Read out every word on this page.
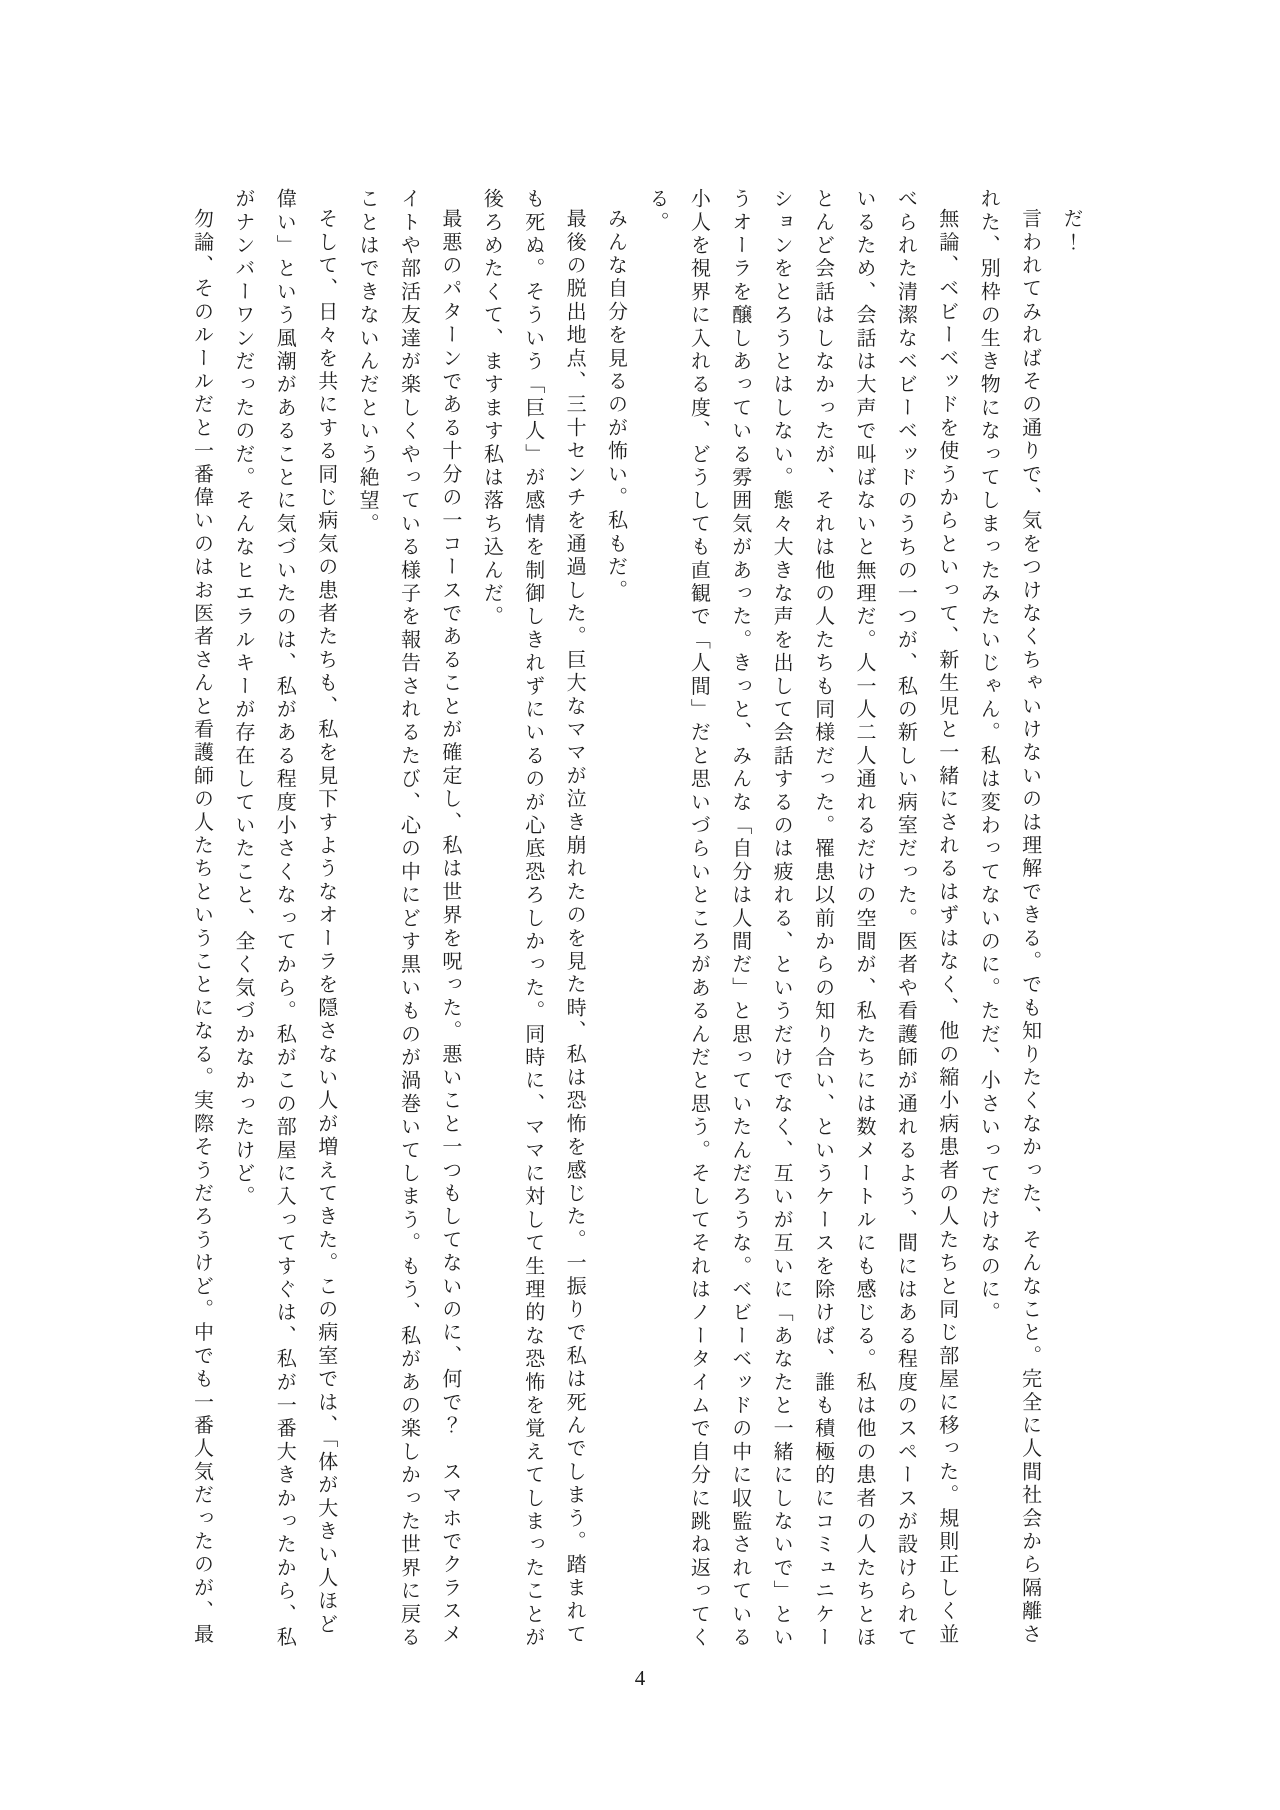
だ！

言われてみればその通りで、気をつけなくちゃいけないのは理解できる。でも知りたくなかった、そんなこと。完全に人間社会から隔離された、別枠の生き物になってしまったみたいじゃん。私は変わってないのに。ただ、小さいってだけなのに。

無論、ベビーベッドを使うからといって、新生児と一緒にされるはずはなく、他の縮小病患者の人たちと同じ部屋に移った。規則正しく並べられた清潔なベビーベッドのうちの一つが、私の新しい病室だった。医者や看護師が通れるよう、間にはある程度のスペースが設けられているため、会話は大声で叫ばないと無理だ。人一人二人通れるだけの空間が、私たちには数メートルにも感じる。私は他の患者の人たちとほとんど会話はしなかったが、それは他の人たちも同様だった。罹患以前からの知り合い、というケースを除けば、誰も積極的にコミュニケーションをとろうとはしない。態々大きな声を出して会話するのは疲れる、というだけでなく、互いが互いに「あなたと一緒にしないで」というオーラを醸しあっている雰囲気があった。きっと、みんな「自分は人間だ」と思っていたんだろうな。ベビーベッドの中に収監されている小人を視界に入れる度、どうしても直観で「人間」だと思いづらいところがあるんだと思う。そしてそれはノータイムで自分に跳ね返ってくる。

みんな自分を見るのが怖い。私もだ。

最後の脱出地点、三十センチを通過した。巨大なママが泣き崩れたのを見た時、私は恐怖を感じた。一振りで私は死んでしまう。踏まれても死ぬ。そういう「巨人」が感情を制御しきれずにいるのが心底恐ろしかった。同時に、ママに対して生理的な恐怖を覚えてしまったことが後ろめたくて、ますます私は落ち込んだ。

最悪のパターンである十分の一コースであることが確定し、私は世界を呪った。悪いこと一つもしてないのに、何で？　スマホでクラスメイトや部活友達が楽しくやっている様子を報告されるたび、心の中にどす黒いものが渦巻いてしまう。もう、私があの楽しかった世界に戻ることはできないんだという絶望。

そして、日々を共にする同じ病気の患者たちも、私を見下すようなオーラを隠さない人が増えてきた。この病室では、「体が大きい人ほど偉い」という風潮があることに気づいたのは、私がある程度小さくなってから。私がこの部屋に入ってすぐは、私が一番大きかったから、私がナンバーワンだったのだ。そんなヒエラルキーが存在していたこと、全く気づかなかったけど。

勿論、そのルールだと一番偉いのはお医者さんと看護師の人たちということになる。実際そうだろうけど。中でも一番人気だったのが、最

4
